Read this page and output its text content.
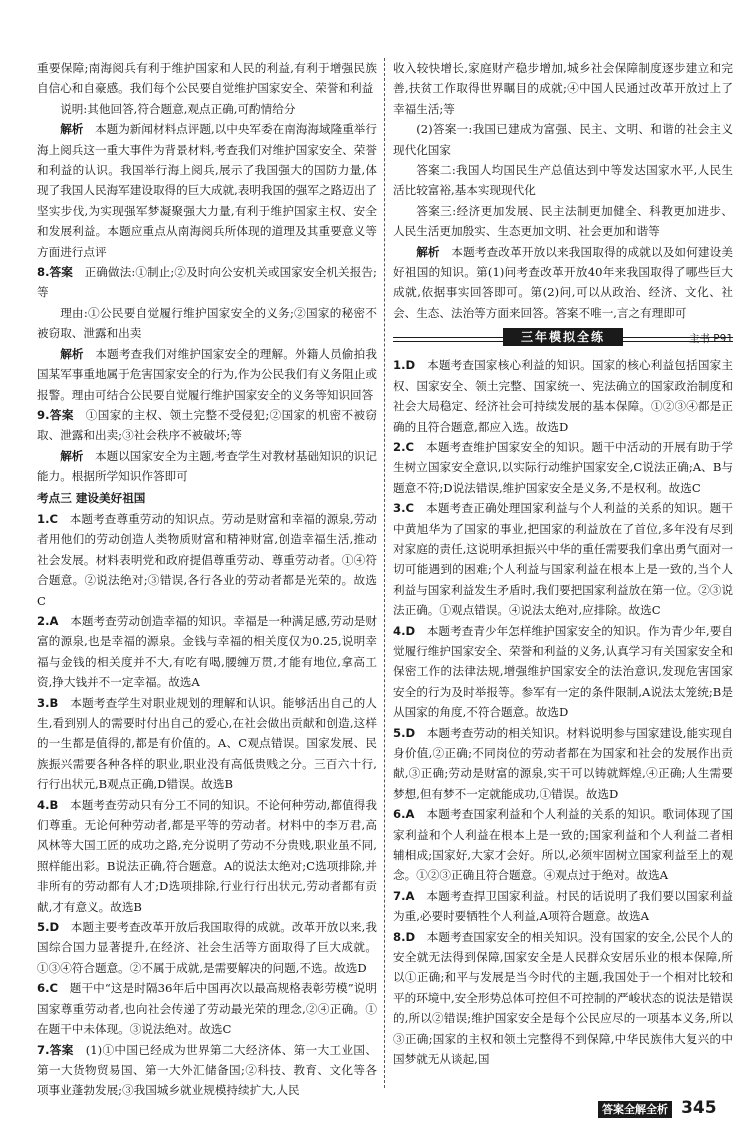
重要保障;南海阅兵有利于维护国家和人民的利益,有利于增强民族自信心和自豪感。我们每个公民要自觉维护国家安全、荣誉和利益

说明:其他回答,符合题意,观点正确,可酌情给分

解析　 本题为新闻材料点评题,以中央军委在南海海域隆重举行海上阅兵这一重大事件为背景材料,考查我们对维护国家安全、荣誉和利益的认识。我国举行海上阅兵,展示了我国强大的国防力量,体现了我国人民海军建设取得的巨大成就,表明我国的强军之路迈出了坚实步伐,为实现强军梦凝聚强大力量,有利于维护国家主权、安全和发展利益。本题应重点从南海阅兵所体现的道理及其重要意义等方面进行点评

8.答案　 正确做法:①制止;②及时向公安机关或国家安全机关报告;等

理由:①公民要自觉履行维护国家安全的义务;②国家的秘密不被窃取、泄露和出卖

解析　 本题考查我们对维护国家安全的理解。外籍人员偷拍我国某军事重地属于危害国家安全的行为,作为公民我们有义务阻止或报警。理由可结合公民要自觉履行维护国家安全的义务等知识回答

9.答案　 ①国家的主权、领土完整不受侵犯;②国家的机密不被窃取、泄露和出卖;③社会秩序不被破坏;等

解析　 本题以国家安全为主题,考查学生对教材基础知识的识记能力。根据所学知识作答即可

考点三 建设美好祖国

1.C　 本题考查尊重劳动的知识点。劳动是财富和幸福的源泉,劳动者用他们的劳动创造人类物质财富和精神财富,创造幸福生活,推动社会发展。材料表明党和政府提倡尊重劳动、尊重劳动者。①④符合题意。②说法绝对;③错误,各行各业的劳动者都是光荣的。故选C

2.A　 本题考查劳动创造幸福的知识。幸福是一种满足感,劳动是财富的源泉,也是幸福的源泉。金钱与幸福的相关度仅为0.25,说明幸福与金钱的相关度并不大,有吃有喝,腰缠万贯,才能有地位,拿高工资,挣大钱并不一定幸福。故选A

3.B　 本题考查学生对职业规划的理解和认识。能够活出自己的人生,看到别人的需要时付出自己的爱心,在社会做出贡献和创造,这样的一生都是值得的,都是有价值的。A、C观点错误。国家发展、民族振兴需要各种各样的职业,职业没有高低贵贱之分。三百六十行,行行出状元,B观点正确,D错误。故选B

4.B　 本题考查劳动只有分工不同的知识。不论何种劳动,都值得我们尊重。无论何种劳动者,都是平等的劳动者。材料中的李万君,高风林等大国工匠的成功之路,充分说明了劳动不分贵贱,职业虽不同,照样能出彩。B说法正确,符合题意。A的说法太绝对;C选项排除,并非所有的劳动都有人才;D选项排除,行业行行出状元,劳动者都有贡献,才有意义。故选B

5.D　 本题主要考查改革开放后我国取得的成就。改革开放以来,我国综合国力显著提升,在经济、社会生活等方面取得了巨大成就。①③④符合题意。②不属于成就,是需要解决的问题,不选。故选D

6.C　 题干中“这是时隔36年后中国再次以最高规格表彰劳模”说明国家尊重劳动者,也向社会传递了劳动最光荣的理念,②④正确。①在题干中未体现。③说法绝对。故选C

7.答案　 (1)①中国已经成为世界第二大经济体、第一大工业国、第一大货物贸易国、第一大外汇储备国;②科技、教育、文化等各项事业蓬勃发展;③我国城乡就业规模持续扩大,人民

收入较快增长,家庭财产稳步增加,城乡社会保障制度逐步建立和完善,扶贫工作取得世界瞩目的成就;④中国人民通过改革开放过上了幸福生活;等

(2)答案一:我国已建成为富强、民主、文明、和谐的社会主义现代化国家

答案二:我国人均国民生产总值达到中等发达国家水平,人民生活比较富裕,基本实现现代化

答案三:经济更加发展、民主法制更加健全、科教更加进步、人民生活更加殷实、生态更加文明、社会更加和谐等

解析　 本题考查改革开放以来我国取得的成就以及如何建设美好祖国的知识。第(1)问考查改革开放40年来我国取得了哪些巨大成就,依据事实回答即可。第(2)问,可以从政治、经济、文化、社会、生态、法治等方面来回答。答案不唯一,言之有理即可

三年模拟全练	主书 P91

1.D　 本题考查国家核心利益的知识。国家的核心利益包括国家主权、国家安全、领土完整、国家统一、宪法确立的国家政治制度和社会大局稳定、经济社会可持续发展的基本保障。①②③④都是正确的且符合题意,都应入选。故选D

2.C　 本题考查维护国家安全的知识。题干中活动的开展有助于学生树立国家安全意识,以实际行动维护国家安全,C说法正确;A、B与题意不符;D说法错误,维护国家安全是义务,不是权利。故选C

3.C　 本题考查正确处理国家利益与个人利益的关系的知识。题干中黄旭华为了国家的事业,把国家的利益放在了首位,多年没有尽到对家庭的责任,这说明承担振兴中华的重任需要我们拿出勇气面对一切可能遇到的困难;个人利益与国家利益在根本上是一致的,当个人利益与国家利益发生矛盾时,我们要把国家利益放在第一位。②③说法正确。①观点错误。④说法太绝对,应排除。故选C

4.D　 本题考查青少年怎样维护国家安全的知识。作为青少年,要自觉履行维护国家安全、荣誉和利益的义务,认真学习有关国家安全和保密工作的法律法规,增强维护国家安全的法治意识,发现危害国家安全的行为及时举报等。参军有一定的条件限制,A说法太笼统;B是从国家的角度,不符合题意。故选D

5.D　 本题考查劳动的相关知识。材料说明参与国家建设,能实现自身价值,②正确;不同岗位的劳动者都在为国家和社会的发展作出贡献,③正确;劳动是财富的源泉,实干可以铸就辉煌,④正确;人生需要梦想,但有梦不一定就能成功,①错误。故选D

6.A　 本题考查国家利益和个人利益的关系的知识。歌词体现了国家利益和个人利益在根本上是一致的;国家利益和个人利益二者相辅相成;国家好,大家才会好。所以,必须牢固树立国家利益至上的观念。①②③正确且符合题意。④观点过于绝对。故选A

7.A　 本题考查捍卫国家利益。村民的话说明了我们要以国家利益为重,必要时要牺牲个人利益,A项符合题意。故选A

8.D　 本题考查国家安全的相关知识。没有国家的安全,公民个人的安全就无法得到保障,国家安全是人民群众安居乐业的根本保障,所以①正确;和平与发展是当今时代的主题,我国处于一个相对比较和平的环境中,安全形势总体可控但不可控制的严峻状态的说法是错误的,所以②错误;维护国家安全是每个公民应尽的一项基本义务,所以③正确;国家的主权和领土完整得不到保障,中华民族伟大复兴的中国梦就无从谈起,国

答案全解全析 345
